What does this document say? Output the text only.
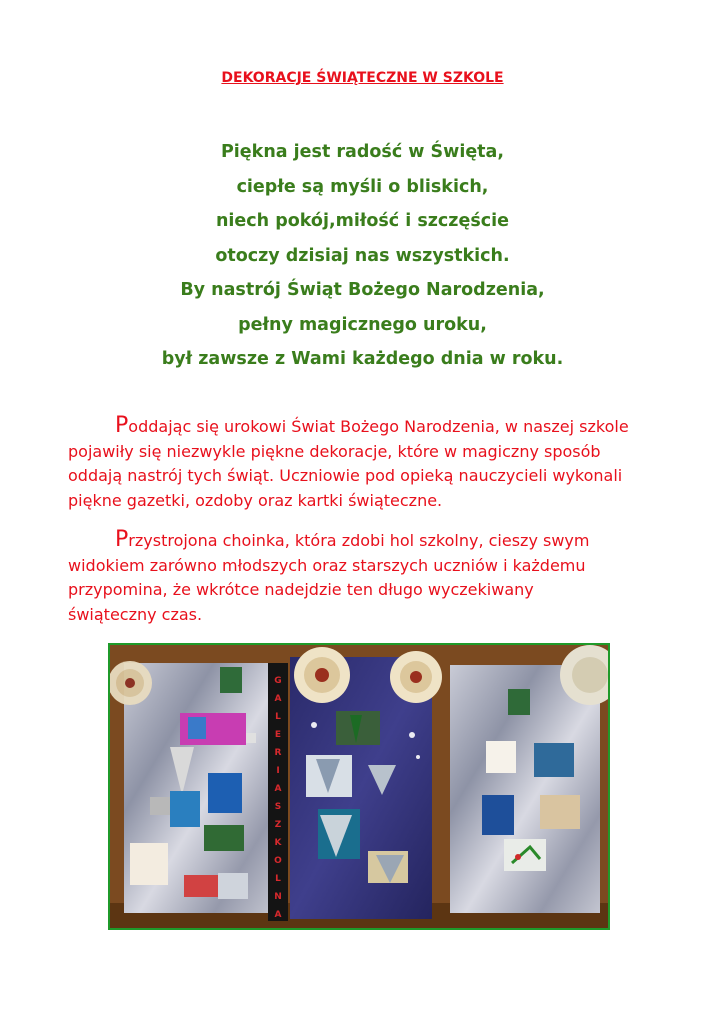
DEKORACJE ŚWIĄTECZNE W SZKOLE
Piękna jest radość w Święta,
ciepłe są myśli o bliskich,
niech pokój,miłość i szczęście
otoczy dzisiaj nas wszystkich.
By nastrój Świąt Bożego Narodzenia,
pełny magicznego uroku,
był zawsze z Wami każdego dnia w roku.
Poddając się urokowi Świat Bożego Narodzenia, w naszej szkole
pojawiły się niezwykle piękne dekoracje, które w magiczny sposób
oddają nastrój tych świąt. Uczniowie pod opieką nauczycieli wykonali
piękne gazetki, ozdoby oraz kartki świąteczne.
Przystrojona choinka, która zdobi hol szkolny, cieszy swym
widokiem zarówno młodszych oraz starszych uczniów i każdemu
przypomina, że wkrótce nadejdzie ten długo wyczekiwany
świąteczny czas.
G
A
L
E
R
I
A
S
Z
K
O
L
N
A
